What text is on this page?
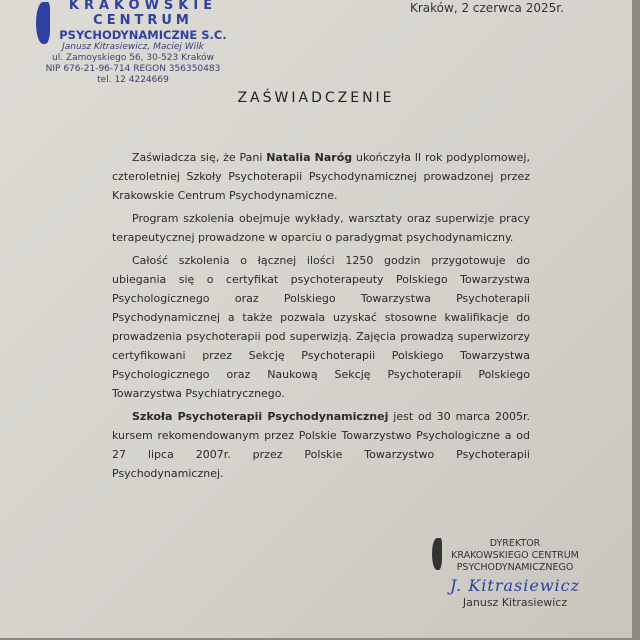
KRAKOWSKIE
CENTRUM
PSYCHODYNAMICZNE S.C.
Janusz Kitrasiewicz, Maciej Wilk
ul. Zamoyskiego 56, 30-523 Kraków
NIP 676-21-96-714 REGON 356350483
tel. 12 4224669
Kraków, 2 czerwca 2025r.
ZAŚWIADCZENIE

Zaświadcza się, że Pani Natalia Naróg ukończyła II rok podyplomowej, czteroletniej Szkoły Psychoterapii Psychodynamicznej prowadzonej przez Krakowskie Centrum Psychodynamiczne.

Program szkolenia obejmuje wykłady, warsztaty oraz superwizje pracy terapeutycznej prowadzone w oparciu o paradygmat psychodynamiczny.

Całość szkolenia o łącznej ilości 1250 godzin przygotowuje do ubiegania się o certyfikat psychoterapeuty Polskiego Towarzystwa Psychologicznego oraz Polskiego Towarzystwa Psychoterapii Psychodynamicznej a także pozwala uzyskać stosowne kwalifikacje do prowadzenia psychoterapii pod superwizją. Zajęcia prowadzą superwizorzy certyfikowani przez Sekcję Psychoterapii Polskiego Towarzystwa Psychologicznego oraz Naukową Sekcję Psychoterapii Polskiego Towarzystwa Psychiatrycznego.

Szkoła Psychoterapii Psychodynamicznej jest od 30 marca 2005r. kursem rekomendowanym przez Polskie Towarzystwo Psychologiczne a od 27 lipca 2007r. przez Polskie Towarzystwo Psychoterapii Psychodynamicznej.

DYREKTOR
KRAKOWSKIEGO CENTRUM
PSYCHODYNAMICZNEGO
J. Kitrasiewicz
Janusz Kitrasiewicz
